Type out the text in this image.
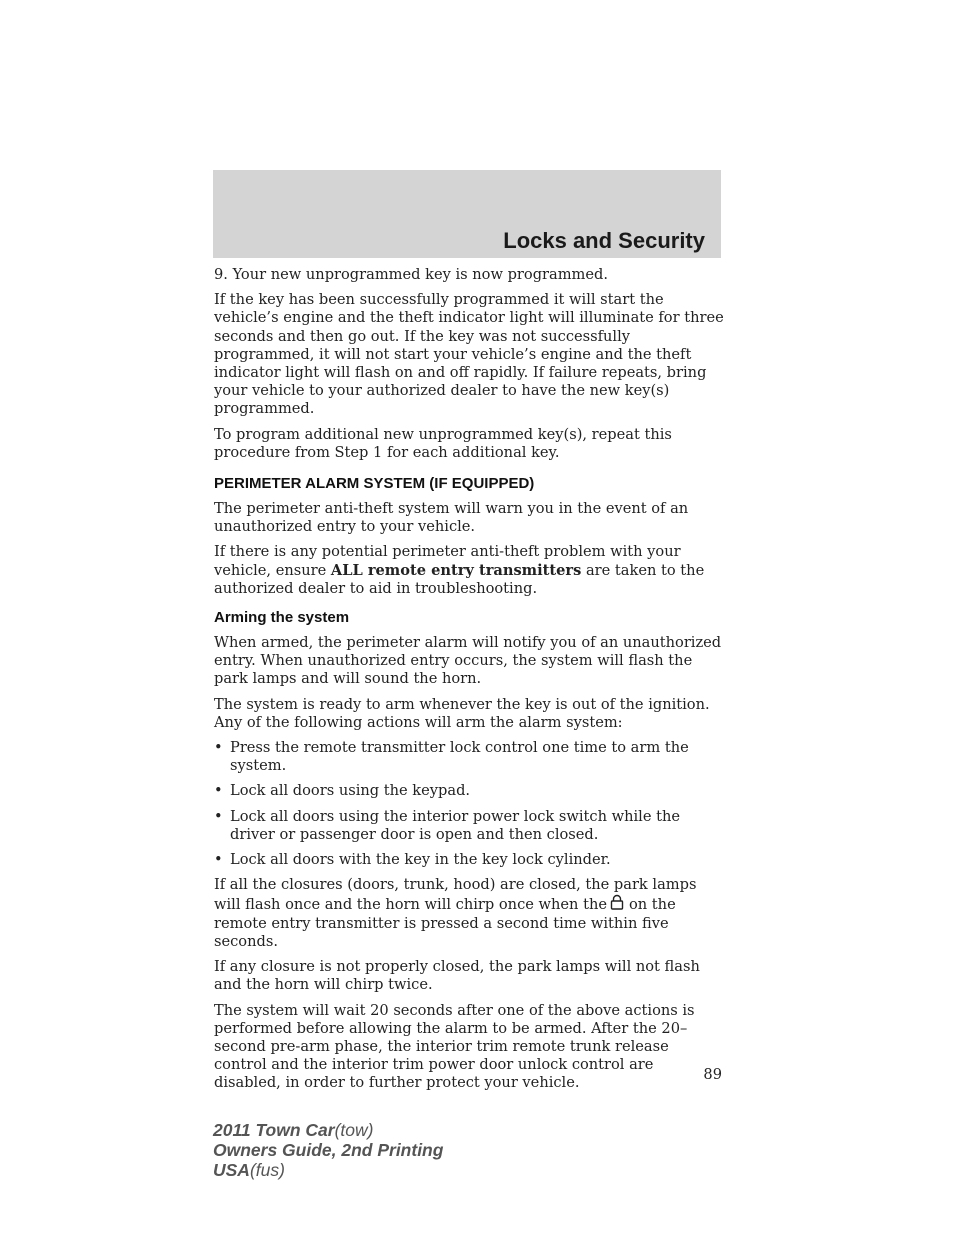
Locks and Security

9. Your new unprogrammed key is now programmed.

If the key has been successfully programmed it will start the vehicle’s engine and the theft indicator light will illuminate for three seconds and then go out. If the key was not successfully programmed, it will not start your vehicle’s engine and the theft indicator light will flash on and off rapidly. If failure repeats, bring your vehicle to your authorized dealer to have the new key(s) programmed.

To program additional new unprogrammed key(s), repeat this procedure from Step 1 for each additional key.

PERIMETER ALARM SYSTEM (IF EQUIPPED)

The perimeter anti-theft system will warn you in the event of an unauthorized entry to your vehicle.

If there is any potential perimeter anti-theft problem with your vehicle, ensure ALL remote entry transmitters are taken to the authorized dealer to aid in troubleshooting.

Arming the system

When armed, the perimeter alarm will notify you of an unauthorized entry. When unauthorized entry occurs, the system will flash the park lamps and will sound the horn.

The system is ready to arm whenever the key is out of the ignition. Any of the following actions will arm the alarm system:

• Press the remote transmitter lock control one time to arm the system.
• Lock all doors using the keypad.
• Lock all doors using the interior power lock switch while the driver or passenger door is open and then closed.
• Lock all doors with the key in the key lock cylinder.

If all the closures (doors, trunk, hood) are closed, the park lamps will flash once and the horn will chirp once when the on the remote entry transmitter is pressed a second time within five seconds.

If any closure is not properly closed, the park lamps will not flash and the horn will chirp twice.

The system will wait 20 seconds after one of the above actions is performed before allowing the alarm to be armed. After the 20–second pre-arm phase, the interior trim remote trunk release control and the interior trim power door unlock control are disabled, in order to further protect your vehicle.	89
2011 Town Car(tow)
Owners Guide, 2nd Printing
USA(fus)
